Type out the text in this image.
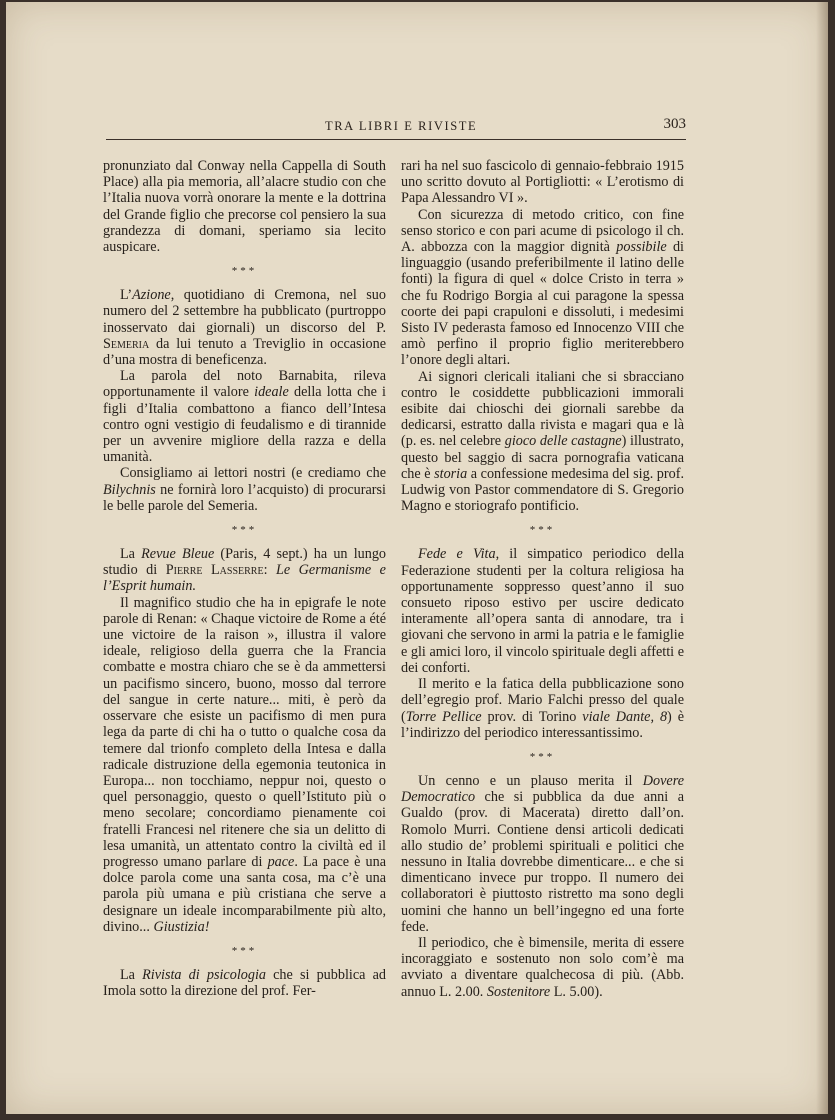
TRA LIBRI E RIVISTE	303

pronunziato dal Conway nella Cappella di South Place) alla pia memoria, all’alacre studio con che l’Italia nuova vorrà onorare la mente e la dottrina del Grande figlio che precorse col pensiero la sua grandezza di domani, speriamo sia lecito auspicare.

***

L’Azione, quotidiano di Cremona, nel suo numero del 2 settembre ha pubblicato (purtroppo inosservato dai giornali) un discorso del P. Semeria da lui tenuto a Treviglio in occasione d’una mostra di beneficenza.

La parola del noto Barnabita, rileva opportunamente il valore ideale della lotta che i figli d’Italia combattono a fianco dell’Intesa contro ogni vestigio di feudalismo e di tirannide per un avvenire migliore della razza e della umanità.

Consigliamo ai lettori nostri (e crediamo che Bilychnis ne fornirà loro l’acquisto) di procurarsi le belle parole del Semeria.

***

La Revue Bleue (Paris, 4 sept.) ha un lungo studio di Pierre Lasserre: Le Germanisme e l’Esprit humain.

Il magnifico studio che ha in epigrafe le note parole di Renan: « Chaque victoire de Rome a été une victoire de la raison », illustra il valore ideale, religioso della guerra che la Francia combatte e mostra chiaro che se è da ammettersi un pacifismo sincero, buono, mosso dal terrore del sangue in certe nature... miti, è però da osservare che esiste un pacifismo di men pura lega da parte di chi ha o tutto o qualche cosa da temere dal trionfo completo della Intesa e dalla radicale distruzione della egemonia teutonica in Europa... non tocchiamo, neppur noi, questo o quel personaggio, questo o quell’Istituto più o meno secolare; concordiamo pienamente coi fratelli Francesi nel ritenere che sia un delitto di lesa umanità, un attentato contro la civiltà ed il progresso umano parlare di pace. La pace è una dolce parola come una santa cosa, ma c’è una parola più umana e più cristiana che serve a designare un ideale incomparabilmente più alto, divino... Giustizia!

***

La Rivista di psicologia che si pubblica ad Imola sotto la direzione del prof. Fer-

rari ha nel suo fascicolo di gennaio-febbraio 1915 uno scritto dovuto al Portigliotti: « L’erotismo di Papa Alessandro VI ».

Con sicurezza di metodo critico, con fine senso storico e con pari acume di psicologo il ch. A. abbozza con la maggior dignità possibile di linguaggio (usando preferibilmente il latino delle fonti) la figura di quel « dolce Cristo in terra » che fu Rodrigo Borgia al cui paragone la spessa coorte dei papi crapuloni e dissoluti, i medesimi Sisto IV pederasta famoso ed Innocenzo VIII che amò perfino il proprio figlio meriterebbero l’onore degli altari.

Ai signori clericali italiani che si sbracciano contro le cosiddette pubblicazioni immorali esibite dai chioschi dei giornali sarebbe da dedicarsi, estratto dalla rivista e magari qua e là (p. es. nel celebre gioco delle castagne) illustrato, questo bel saggio di sacra pornografia vaticana che è storia a confessione medesima del sig. prof. Ludwig von Pastor commendatore di S. Gregorio Magno e storiografo pontificio.

***

Fede e Vita, il simpatico periodico della Federazione studenti per la coltura religiosa ha opportunamente soppresso quest’anno il suo consueto riposo estivo per uscire dedicato interamente all’opera santa di annodare, tra i giovani che servono in armi la patria e le famiglie e gli amici loro, il vincolo spirituale degli affetti e dei conforti.

Il merito e la fatica della pubblicazione sono dell’egregio prof. Mario Falchi presso del quale (Torre Pellice prov. di Torino viale Dante, 8) è l’indirizzo del periodico interessantissimo.

***

Un cenno e un plauso merita il Dovere Democratico che si pubblica da due anni a Gualdo (prov. di Macerata) diretto dall’on. Romolo Murri. Contiene densi articoli dedicati allo studio de’ problemi spirituali e politici che nessuno in Italia dovrebbe dimenticare... e che si dimenticano invece pur troppo. Il numero dei collaboratori è piuttosto ristretto ma sono degli uomini che hanno un bell’ingegno ed una forte fede.

Il periodico, che è bimensile, merita di essere incoraggiato e sostenuto non solo com’è ma avviato a diventare qualchecosa di più. (Abb. annuo L. 2.00. Sostenitore L. 5.00).
